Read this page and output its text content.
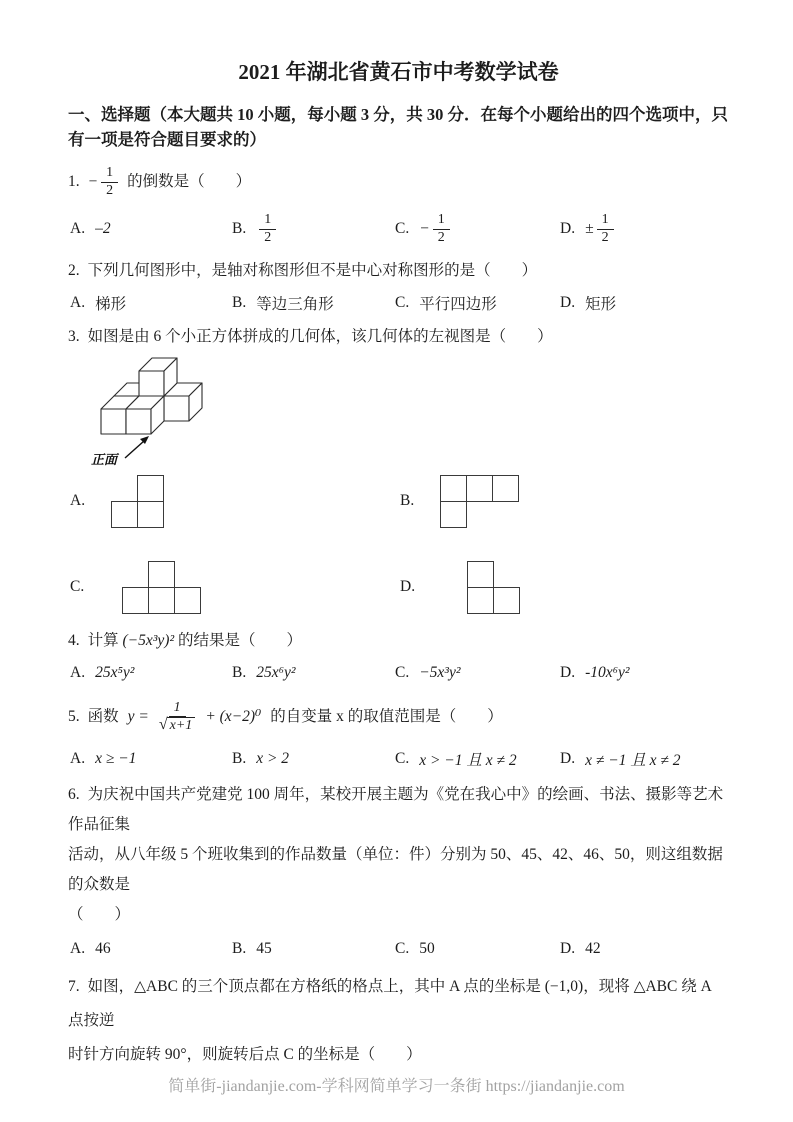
2021 年湖北省黄石市中考数学试卷
一、选择题（本大题共 10 小题，每小题 3 分，共 30 分．在每个小题给出的四个选项中，只
有一项是符合题目要求的）
1. − $\frac{1}{2}$ 的倒数是（　　）
A. –2	B. $\frac{1}{2}$	C. − $\frac{1}{2}$	D. ± $\frac{1}{2}$
2. 下列几何图形中，是轴对称图形但不是中心对称图形的是（　　）
A. 梯形	B. 等边三角形	C. 平行四边形	D. 矩形
3. 如图是由 6 个小正方体拼成的几何体，该几何体的左视图是（　　）
正面
A.	B.
C.	D.
4. 计算 (−5x³y)² 的结果是（　　）
A. 25x⁵y²	B. 25x⁶y²	C. −5x³y²	D. -10x⁶y²
5. 函数 $y = \frac{1}{√ x+1} + (x-2)^0$ 的自变量 x 的取值范围是（　　）
A. x ≥ −1	B. x > 2	C. x > −1 且 x ≠ 2	D. x ≠ −1 且 x ≠ 2
6. 为庆祝中国共产党建党 100 周年，某校开展主题为《党在我心中》的绘画、书法、摄影等艺术作品征集
活动，从八年级 5 个班收集到的作品数量（单位：件）分别为 50、45、42、46、50，则这组数据的众数是
（　　）
A. 46	B. 45	C. 50	D. 42
7. 如图，△ABC 的三个顶点都在方格纸的格点上，其中 A 点的坐标是 (−1,0)，现将 △ABC 绕 A 点按逆
时针方向旋转 90°，则旋转后点 C 的坐标是（　　）
简单街-jiandanjie.com-学科网简单学习一条街 https://jiandanjie.com
